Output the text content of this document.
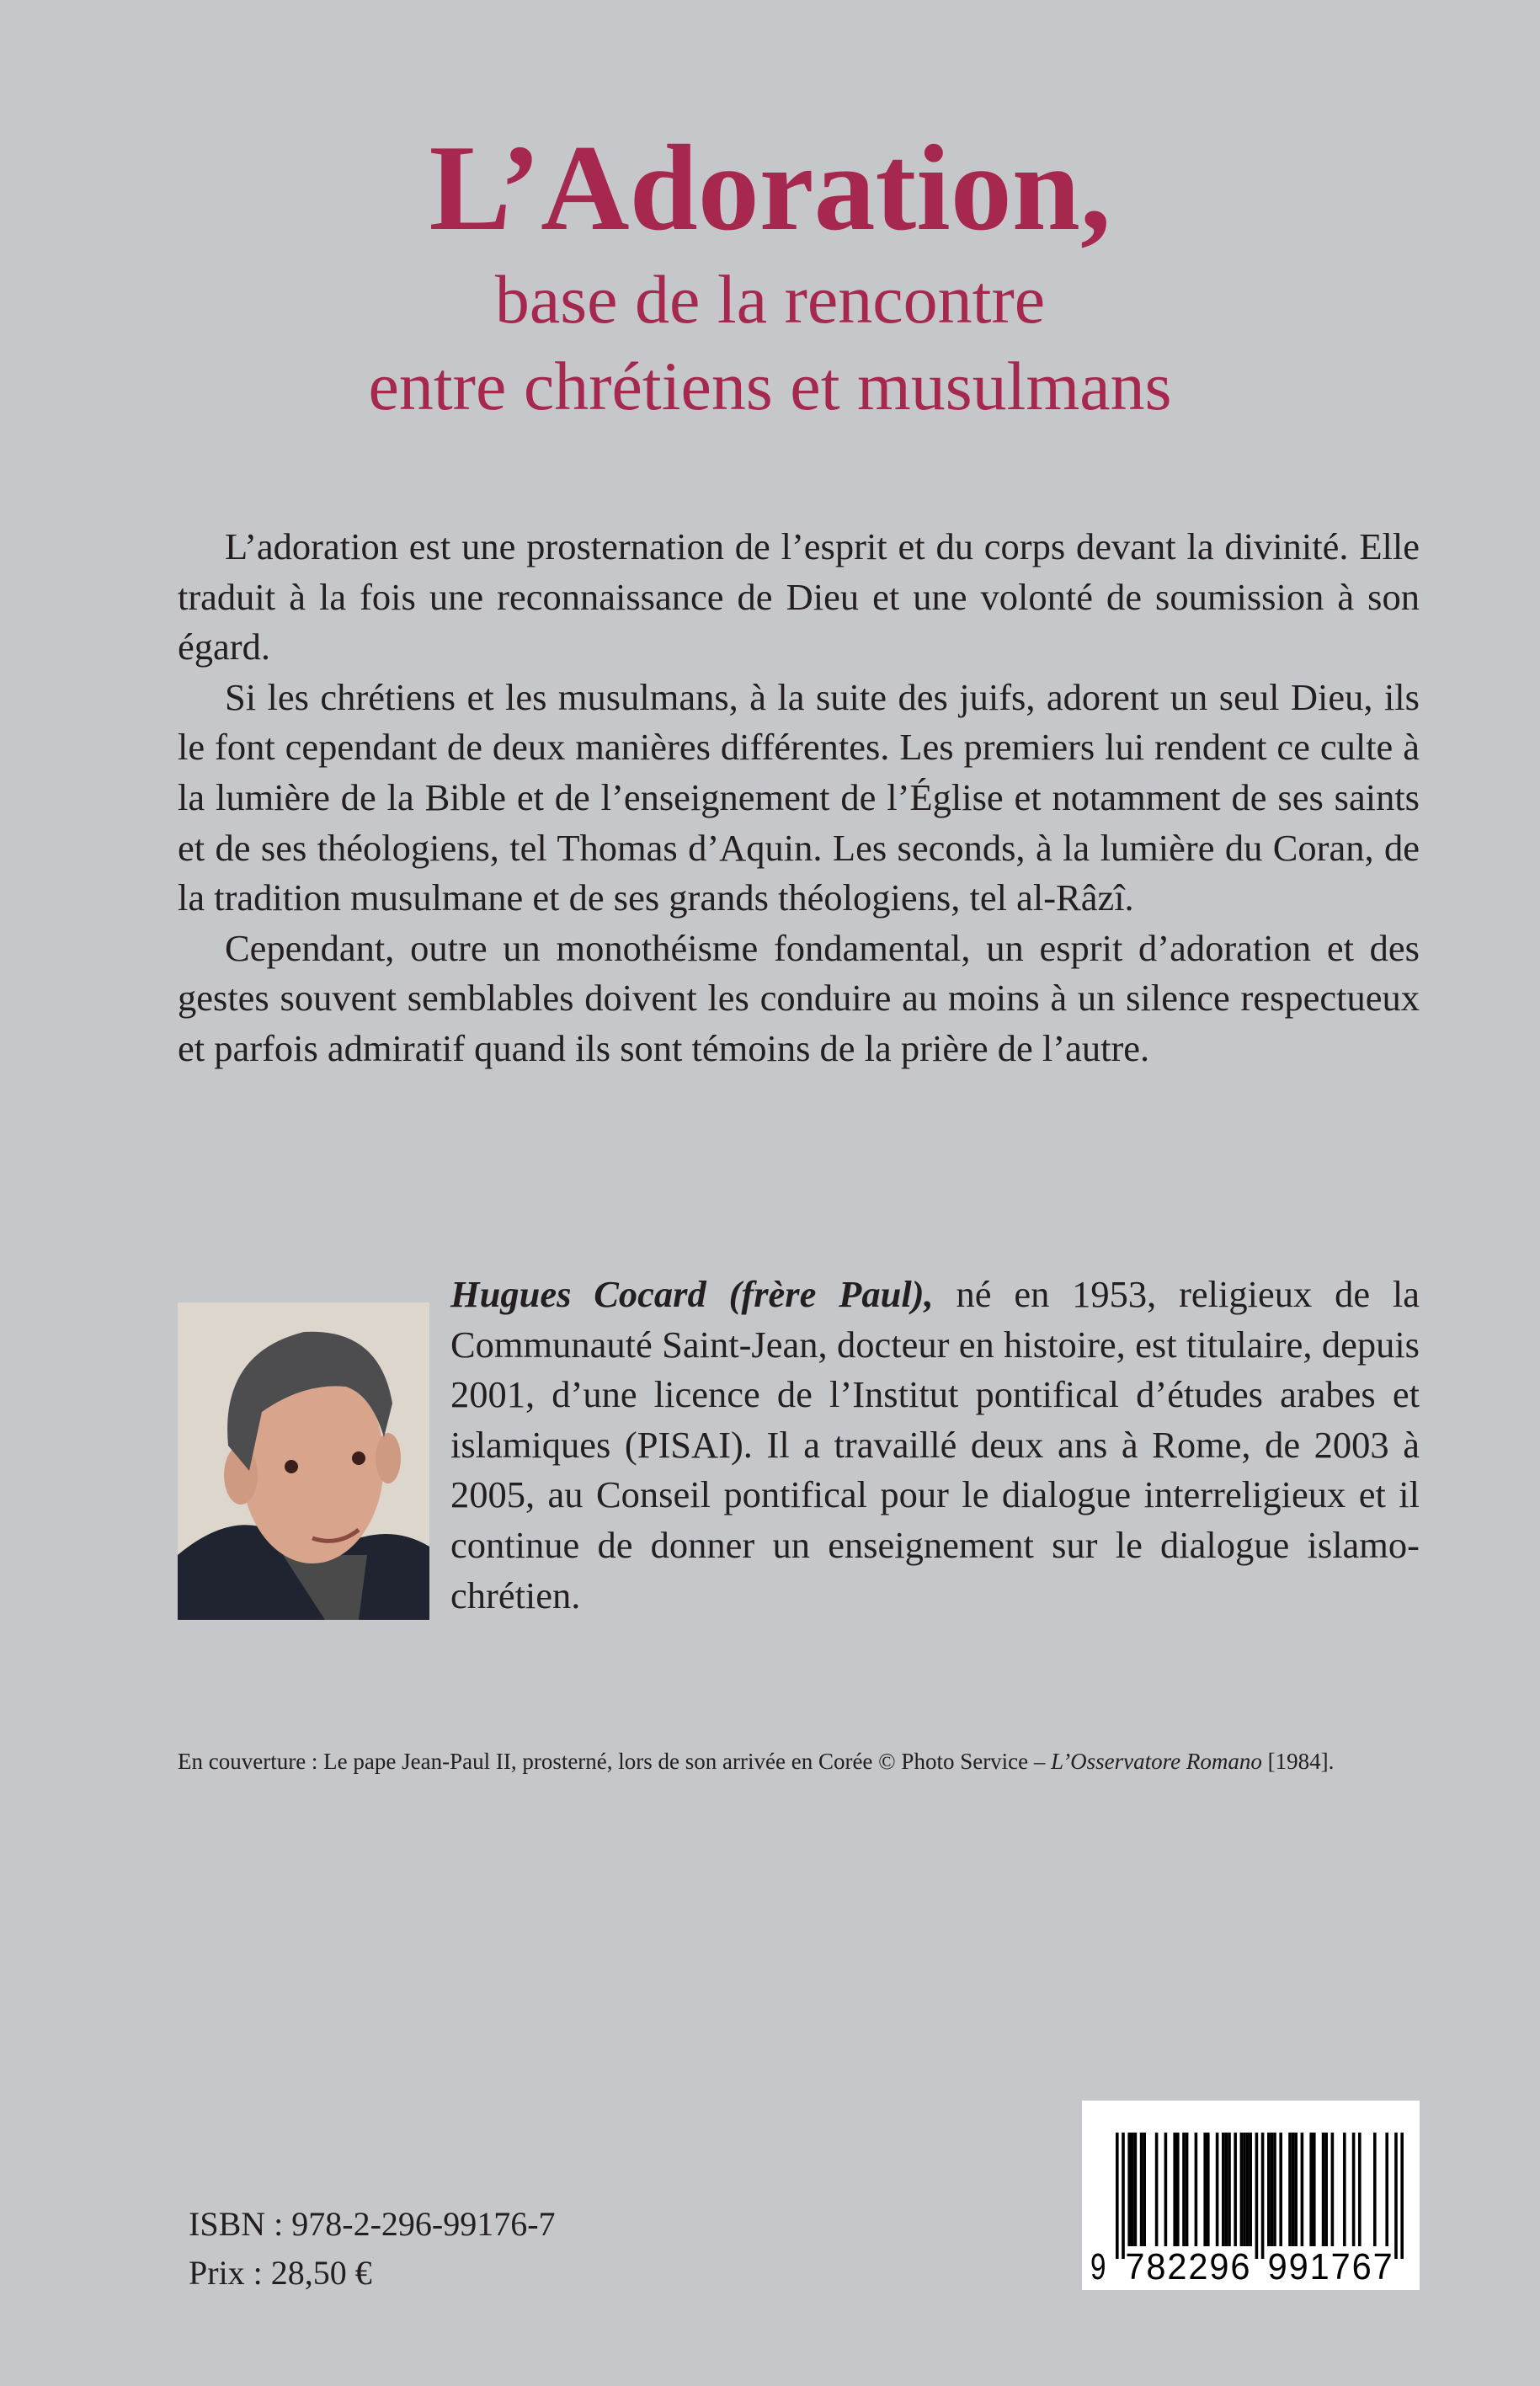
L’Adoration,
base de la rencontre
entre chrétiens et musulmans

L’adoration est une prosternation de l’esprit et du corps devant la divinité. Elle traduit à la fois une reconnaissance de Dieu et une volonté de soumission à son égard.

Si les chrétiens et les musulmans, à la suite des juifs, adorent un seul Dieu, ils le font cependant de deux manières différentes. Les premiers lui rendent ce culte à la lumière de la Bible et de l’enseignement de l’Église et notamment de ses saints et de ses théologiens, tel Thomas d’Aquin. Les seconds, à la lumière du Coran, de la tradition musulmane et de ses grands théologiens, tel al-Râzî.

Cependant, outre un monothéisme fondamental, un esprit d’adoration et des gestes souvent semblables doivent les conduire au moins à un silence respectueux et parfois admiratif quand ils sont témoins de la prière de l’autre.

Hugues Cocard (frère Paul), né en 1953, religieux de la Communauté Saint-Jean, docteur en histoire, est titulaire, depuis 2001, d’une licence de l’Institut pontifical d’études arabes et islamiques (PISAI). Il a travaillé deux ans à Rome, de 2003 à 2005, au Conseil pontifical pour le dialogue interreligieux et il continue de donner un enseignement sur le dialogue islamo-chrétien.
En couverture : Le pape Jean-Paul II, prosterné, lors de son arrivée en Corée © Photo Service – L’Osservatore Romano [1984].
ISBN : 978-2-296-99176-7
Prix : 28,50 €	9 782296 991767
